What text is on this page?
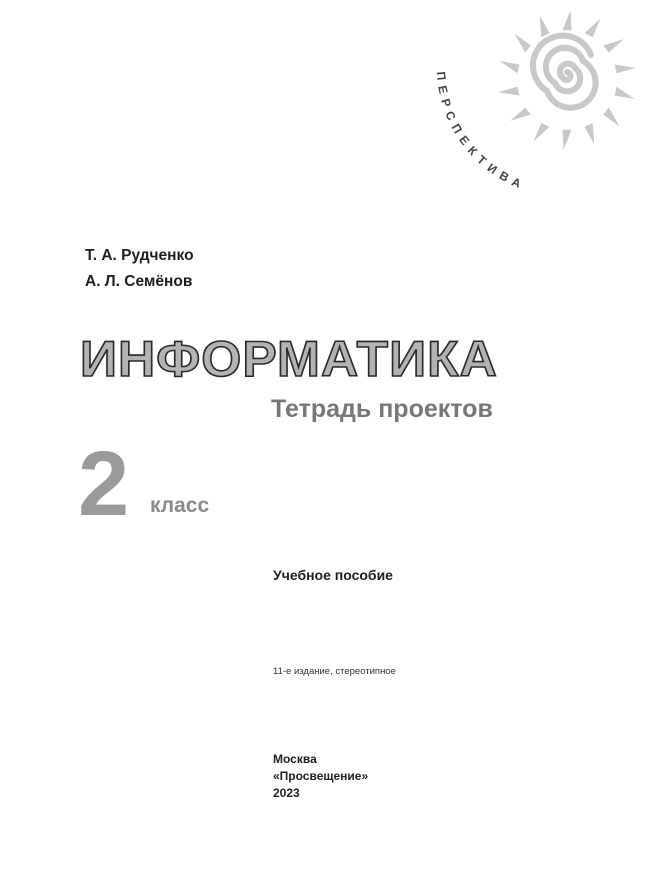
ПЕРСПЕКТИВА
Т. А. Рудченко
А. Л. Семёнов
ИНФОРМАТИКА
Тетрадь проектов
2 класс
Учебное пособие
11-е издание, стереотипное
Москва
«Просвещение»
2023
